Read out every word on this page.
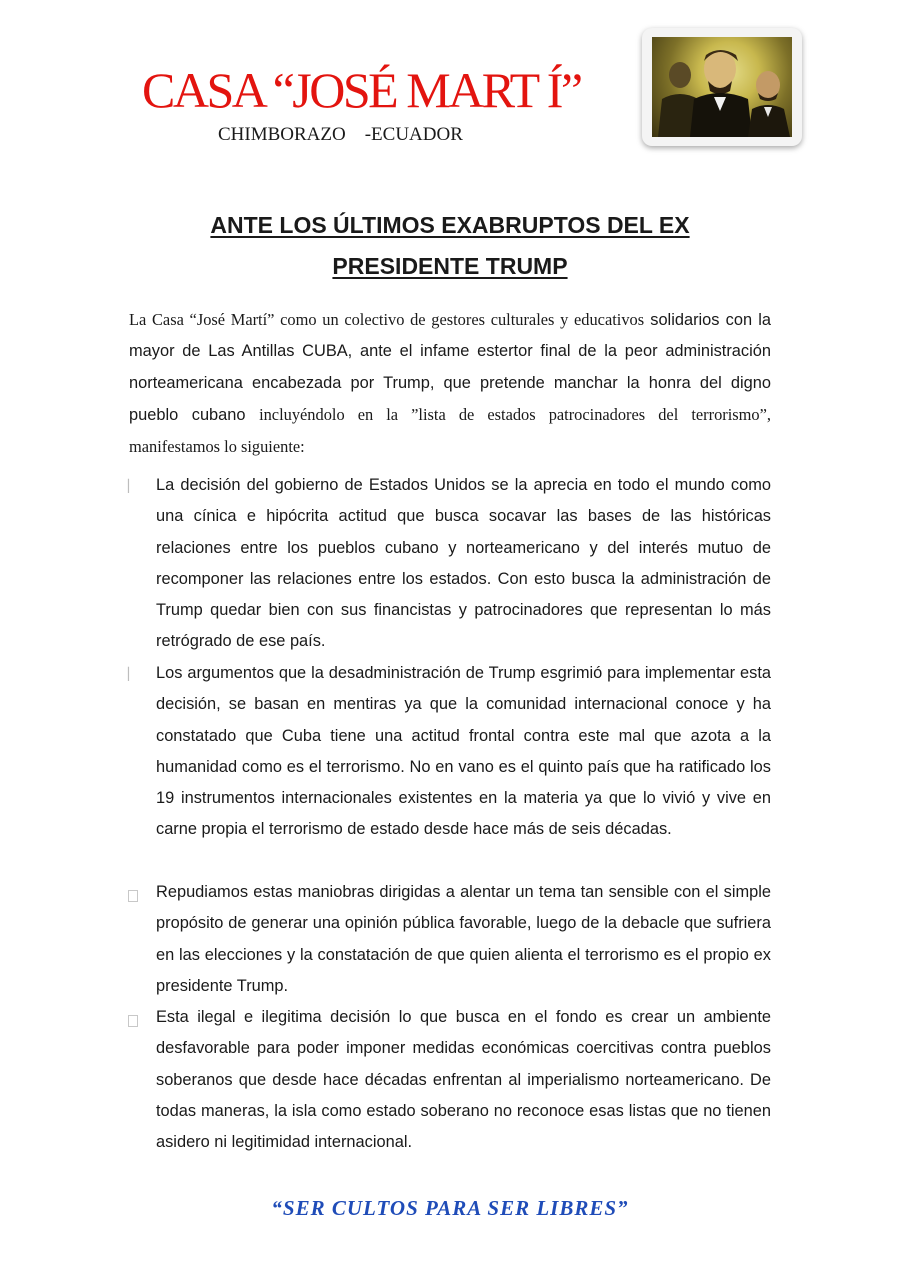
CASA “JOSÉ MART Í”
CHIMBORAZO -ECUADOR
ANTE LOS ÚLTIMOS EXABRUPTOS DEL EX
PRESIDENTE TRUMP

La Casa “José Martí” como un colectivo de gestores culturales y educativos solidarios con la mayor de Las Antillas CUBA, ante el infame estertor final de la peor administración norteamericana encabezada por Trump, que pretende manchar la honra del digno pueblo cubano incluyéndolo en la ”lista de estados patrocinadores del terrorismo”, manifestamos lo siguiente:

▏ La decisión del gobierno de Estados Unidos se la aprecia en todo el mundo como una cínica e hipócrita actitud que busca socavar las bases de las históricas relaciones entre los pueblos cubano y norteamericano y del interés mutuo de recomponer las relaciones entre los estados. Con esto busca la administración de Trump quedar bien con sus financistas y patrocinadores que representan lo más retrógrado de ese país.

▏ Los argumentos que la desadministración de Trump esgrimió para implementar esta decisión, se basan en mentiras ya que la comunidad internacional conoce y ha constatado que Cuba tiene una actitud frontal contra este mal que azota a la humanidad como es el terrorismo. No en vano es el quinto país que ha ratificado los 19 instrumentos internacionales existentes en la materia ya que lo vivió y vive en carne propia el terrorismo de estado desde hace más de seis décadas.

Repudiamos estas maniobras dirigidas a alentar un tema tan sensible con el simple propósito de generar una opinión pública favorable, luego de la debacle que sufriera en las elecciones y la constatación de que quien alienta el terrorismo es el propio ex presidente Trump.

Esta ilegal e ilegitima decisión lo que busca en el fondo es crear un ambiente desfavorable para poder imponer medidas económicas coercitivas contra pueblos soberanos que desde hace décadas enfrentan al imperialismo norteamericano. De todas maneras, la isla como estado soberano no reconoce esas listas que no tienen asidero ni legitimidad internacional.

“SER CULTOS PARA SER LIBRES”
